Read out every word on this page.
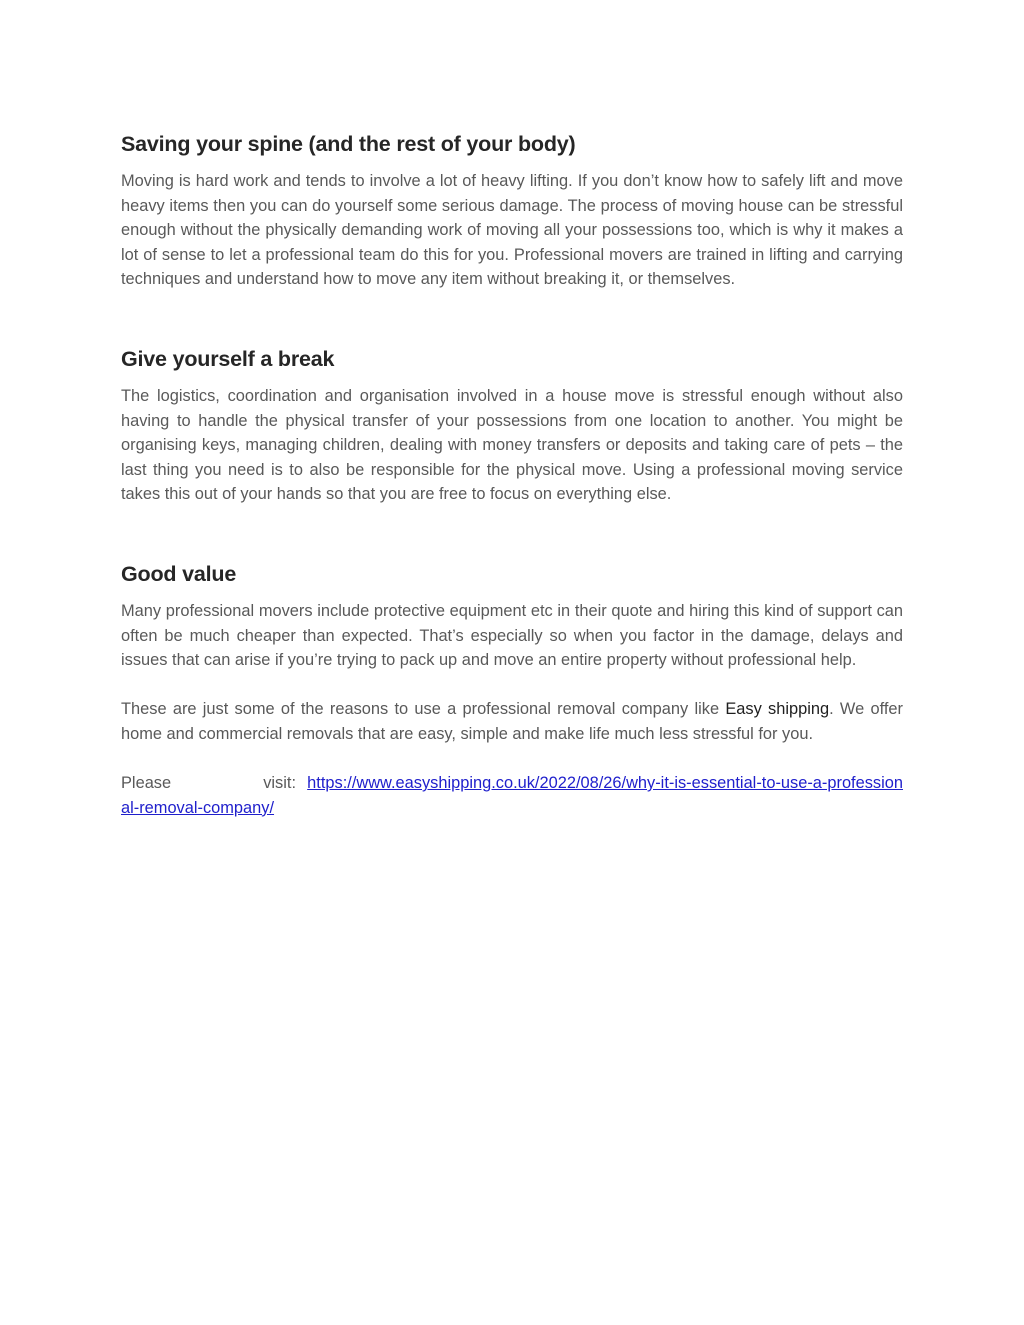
Saving your spine (and the rest of your body)

Moving is hard work and tends to involve a lot of heavy lifting. If you don’t know how to safely lift and move heavy items then you can do yourself some serious damage. The process of moving house can be stressful enough without the physically demanding work of moving all your possessions too, which is why it makes a lot of sense to let a professional team do this for you. Professional movers are trained in lifting and carrying techniques and understand how to move any item without breaking it, or themselves.

Give yourself a break

The logistics, coordination and organisation involved in a house move is stressful enough without also having to handle the physical transfer of your possessions from one location to another. You might be organising keys, managing children, dealing with money transfers or deposits and taking care of pets – the last thing you need is to also be responsible for the physical move. Using a professional moving service takes this out of your hands so that you are free to focus on everything else.

Good value

Many professional movers include protective equipment etc in their quote and hiring this kind of support can often be much cheaper than expected. That’s especially so when you factor in the damage, delays and issues that can arise if you’re trying to pack up and move an entire property without professional help.

These are just some of the reasons to use a professional removal company like Easy shipping. We offer home and commercial removals that are easy, simple and make life much less stressful for you.

Please visit: https://www.easyshipping.co.uk/2022/08/26/why-it-is-essential-to-use-a-professional-removal-company/
